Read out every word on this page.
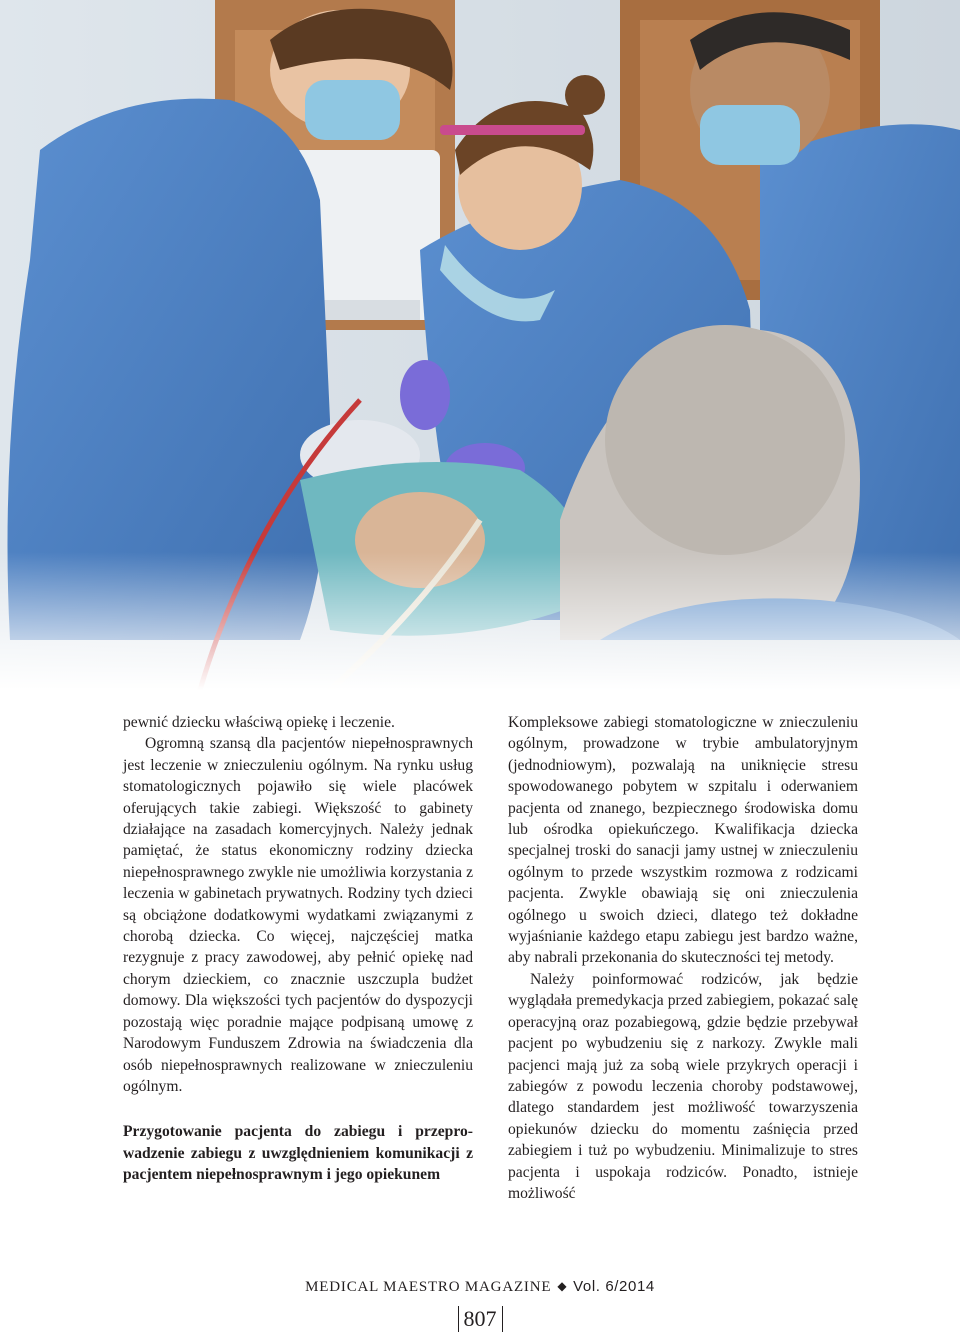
pewnić dziecku właściwą opiekę i leczenie.

Ogromną szansą dla pacjentów niepełnosprawnych jest leczenie w znieczuleniu ogólnym. Na rynku usług stomatologicznych pojawiło się wiele placówek oferujących takie zabiegi. Większość to gabinety działające na zasadach komercyjnych. Należy jednak pamiętać, że status ekonomiczny rodziny dziecka niepełnosprawnego zwykle nie umożliwia korzystania z leczenia w gabinetach prywatnych. Rodziny tych dzieci są obciążone dodatkowymi wydatkami związanymi z chorobą dziecka. Co więcej, najczęściej matka rezygnuje z pracy zawodowej, aby pełnić opiekę nad chorym dzieckiem, co znacznie uszczupla budżet domowy. Dla większości tych pacjentów do dyspozycji pozostają więc poradnie mające podpisaną umowę z Narodowym Funduszem Zdrowia na świadczenia dla osób niepełnosprawnych realizowane w znieczuleniu ogólnym.

Przygotowanie pacjenta do zabiegu i przeprowadzenie zabiegu z uwzględnieniem komunikacji z pacjentem niepełnosprawnym i jego opiekunem

Kompleksowe zabiegi stomatologiczne w znieczuleniu ogólnym, prowadzone w trybie ambulatoryjnym (jednodniowym), pozwalają na uniknięcie stresu spowodowanego pobytem w szpitalu i oderwaniem pacjenta od znanego, bezpiecznego środowiska domu lub ośrodka opiekuńczego. Kwalifikacja dziecka specjalnej troski do sanacji jamy ustnej w znieczuleniu ogólnym to przede wszystkim rozmowa z rodzicami pacjenta. Zwykle obawiają się oni znieczulenia ogólnego u swoich dzieci, dlatego też dokładne wyjaśnianie każdego etapu zabiegu jest bardzo ważne, aby nabrali przekonania do skuteczności tej metody.

Należy poinformować rodziców, jak będzie wyglądała premedykacja przed zabiegiem, pokazać salę operacyjną oraz pozabiegową, gdzie będzie przebywał pacjent po wybudzeniu się z narkozy. Zwykle mali pacjenci mają już za sobą wiele przykrych operacji i zabiegów z powodu leczenia choroby podstawowej, dlatego standardem jest możliwość towarzyszenia opiekunów dziecku do momentu zaśnięcia przed zabiegiem i tuż po wybudzeniu. Minimalizuje to stres pacjenta i uspokaja rodziców. Ponadto, istnieje możliwość

MEDICAL MAESTRO MAGAZINE ◆ Vol. 6/2014
807
